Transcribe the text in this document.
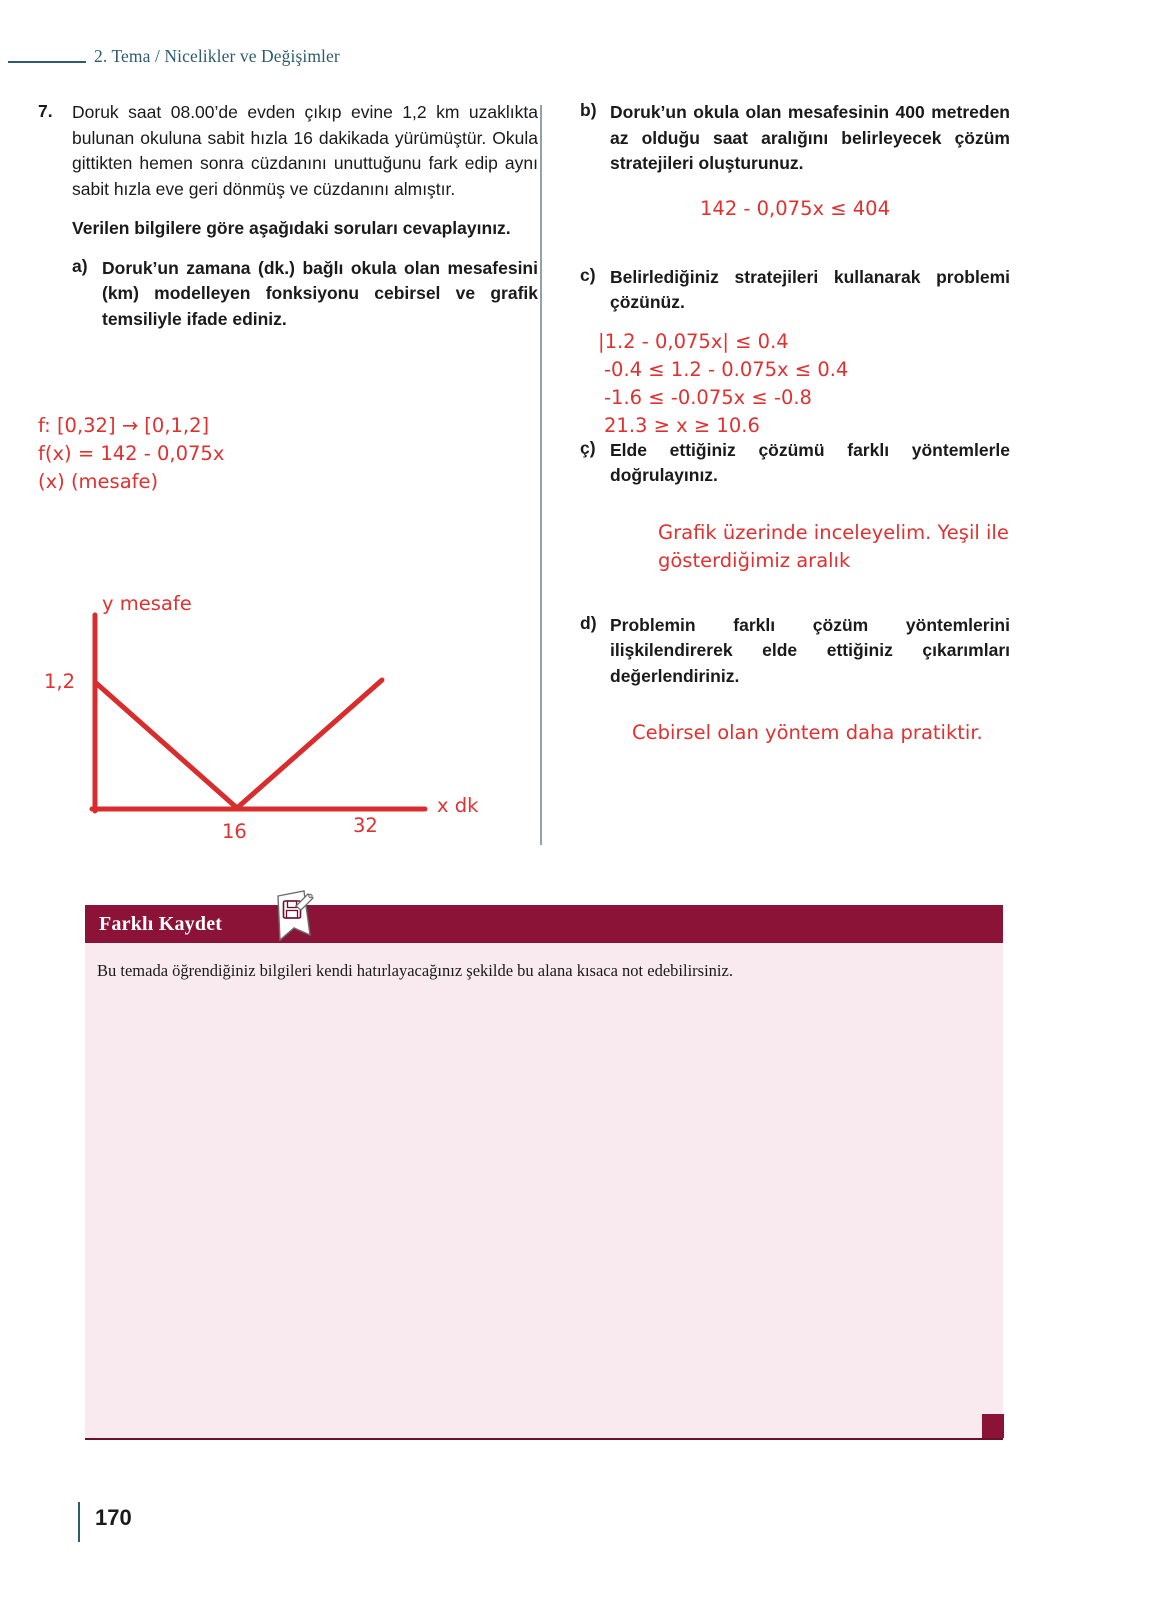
2. Tema / Nicelikler ve Değişimler
7.	Doruk saat 08.00’de evden çıkıp evine 1,2 km uzaklıkta bulunan okuluna sabit hızla 16 dakikada yürümüştür. Okula gittikten hemen sonra cüzdanını unuttuğunu fark edip aynı sabit hızla eve geri dönmüş ve cüzdanını almıştır.

Verilen bilgilere göre aşağıdaki soruları cevaplayınız.

a) Doruk’un zamana (dk.) bağlı okula olan mesafesini (km) modelleyen fonksiyonu cebirsel ve grafik temsiliyle ifade ediniz.
f: [0,32] → [0,1,2]
f(x) = 142 - 0,075x
(x) (mesafe)
y mesafe
1,2
x dk
16	32
b) Doruk’un okula olan mesafesinin 400 metreden az olduğu saat aralığını belirleyecek çözüm stratejileri oluşturunuz.
142 - 0,075x ≤ 404
c) Belirlediğiniz stratejileri kullanarak problemi çözünüz.
|1.2 - 0,075x| ≤ 0.4
-0.4 ≤ 1.2 - 0.075x ≤ 0.4
-1.6 ≤ -0.075x ≤ -0.8
21.3 ≥ x ≥ 10.6
ç) Elde ettiğiniz çözümü farklı yöntemlerle doğrulayınız.
Grafik üzerinde inceleyelim. Yeşil ile gösterdiğimiz aralık
d) Problemin farklı çözüm yöntemlerini ilişkilendirerek elde ettiğiniz çıkarımları değerlendiriniz.
Cebirsel olan yöntem daha pratiktir.
Farklı Kaydet
Bu temada öğrendiğiniz bilgileri kendi hatırlayacağınız şekilde bu alana kısaca not edebilirsiniz.
170
